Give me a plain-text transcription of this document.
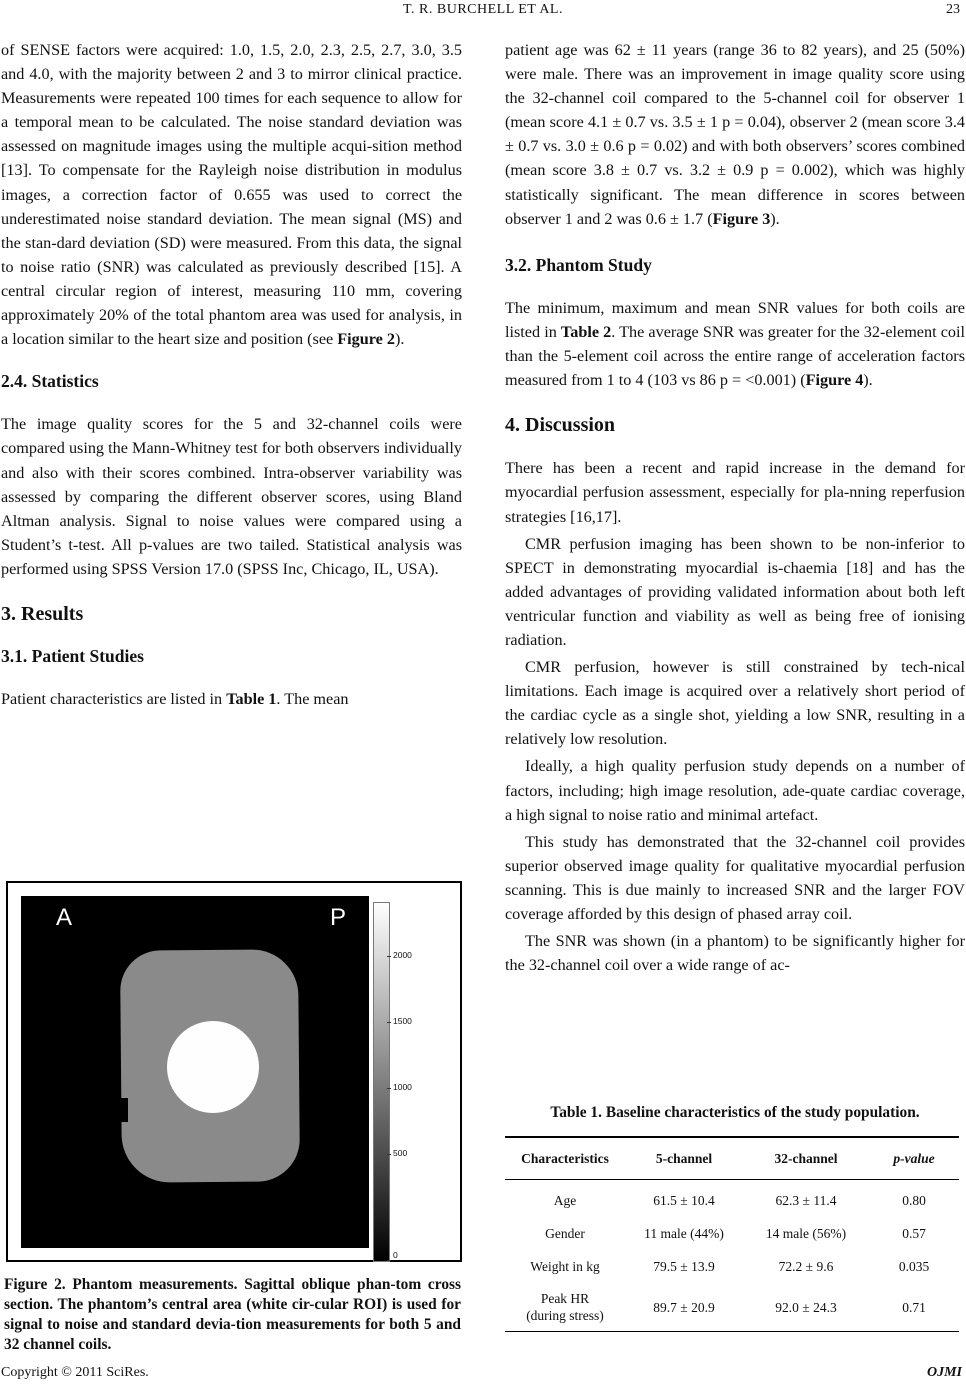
T. R. BURCHELL ET AL.	23

of SENSE factors were acquired: 1.0, 1.5, 2.0, 2.3, 2.5, 2.7, 3.0, 3.5 and 4.0, with the majority between 2 and 3 to mirror clinical practice. Measurements were repeated 100 times for each sequence to allow for a temporal mean to be calculated. The noise standard deviation was assessed on magnitude images using the multiple acqui-sition method [13]. To compensate for the Rayleigh noise distribution in modulus images, a correction factor of 0.655 was used to correct the underestimated noise standard deviation. The mean signal (MS) and the stan-dard deviation (SD) were measured. From this data, the signal to noise ratio (SNR) was calculated as previously described [15]. A central circular region of interest, measuring 110 mm, covering approximately 20% of the total phantom area was used for analysis, in a location similar to the heart size and position (see Figure 2).

2.4. Statistics

The image quality scores for the 5 and 32-channel coils were compared using the Mann-Whitney test for both observers individually and also with their scores combined. Intra-observer variability was assessed by comparing the different observer scores, using Bland Altman analysis. Signal to noise values were compared using a Student’s t-test. All p-values are two tailed. Statistical analysis was performed using SPSS Version 17.0 (SPSS Inc, Chicago, IL, USA).

3. Results
3.1. Patient Studies

Patient characteristics are listed in Table 1. The mean

A	P
2000
1500
1000
500
0
Figure 2. Phantom measurements. Sagittal oblique phan-tom cross section. The phantom’s central area (white cir-cular ROI) is used for signal to noise and standard devia-tion measurements for both 5 and 32 channel coils.

patient age was 62 ± 11 years (range 36 to 82 years), and 25 (50%) were male. There was an improvement in image quality score using the 32-channel coil compared to the 5-channel coil for observer 1 (mean score 4.1 ± 0.7 vs. 3.5 ± 1 p = 0.04), observer 2 (mean score 3.4 ± 0.7 vs. 3.0 ± 0.6 p = 0.02) and with both observers’ scores combined (mean score 3.8 ± 0.7 vs. 3.2 ± 0.9 p = 0.002), which was highly statistically significant. The mean difference in scores between observer 1 and 2 was 0.6 ± 1.7 (Figure 3).

3.2. Phantom Study

The minimum, maximum and mean SNR values for both coils are listed in Table 2. The average SNR was greater for the 32-element coil than the 5-element coil across the entire range of acceleration factors measured from 1 to 4 (103 vs 86 p = <0.001) (Figure 4).

4. Discussion

There has been a recent and rapid increase in the demand for myocardial perfusion assessment, especially for pla-nning reperfusion strategies [16,17].

CMR perfusion imaging has been shown to be non-inferior to SPECT in demonstrating myocardial is-chaemia [18] and has the added advantages of providing validated information about both left ventricular function and viability as well as being free of ionising radiation.

CMR perfusion, however is still constrained by tech-nical limitations. Each image is acquired over a relatively short period of the cardiac cycle as a single shot, yielding a low SNR, resulting in a relatively low resolution.

Ideally, a high quality perfusion study depends on a number of factors, including; high image resolution, ade-quate cardiac coverage, a high signal to noise ratio and minimal artefact.

This study has demonstrated that the 32-channel coil provides superior observed image quality for qualitative myocardial perfusion scanning. This is due mainly to increased SNR and the larger FOV coverage afforded by this design of phased array coil.

The SNR was shown (in a phantom) to be significantly higher for the 32-channel coil over a wide range of ac-

Table 1. Baseline characteristics of the study population.
Characteristics	5-channel	32-channel	p-value
Age	61.5 ± 10.4	62.3 ± 11.4	0.80
Gender	11 male (44%)	14 male (56%)	0.57
Weight in kg	79.5 ± 13.9	72.2 ± 9.6	0.035
Peak HR
(during stress)	89.7 ± 20.9	92.0 ± 24.3	0.71
Copyright © 2011 SciRes.	OJMI
